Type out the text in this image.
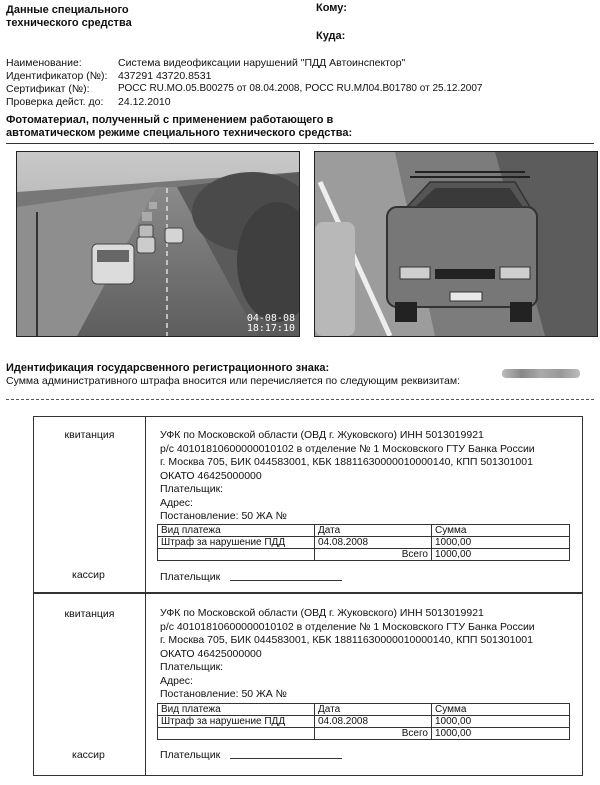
Данные специального
технического средства
Кому:
Куда:
Наименование:	Система видеофиксации нарушений "ПДД Автоинспектор"
Идентификатор (№): 437291 43720.8531
Сертификат (№):	РОСС RU.MO.05.B00275 от 08.04.2008, РОСС RU.МЛ04.B01780 от 25.12.2007
Проверка дейст. до: 24.12.2010
Фотоматериал, полученный с применением работающего в
автоматическом режиме специального технического средства:
04-08-08
18:17:10
Идентификация государсвенного регистрационного знака:
Сумма административного штрафа вносится или перечисляется по следующим реквизитам:
квитанция
кассир
УФК по Московской области (ОВД г. Жуковского) ИНН 5013019921
р/с 40101810600000010102 в отделение № 1 Московского ГТУ Банка России
г. Москва 705, БИК 044583001, КБК 18811630000010000140, КПП 501301001
ОКАТО 46425000000
Плательщик:
Адрес:
Постановление: 50 ЖА №
Вид платежа	Дата	Сумма
Штраф за нарушение ПДД	04.08.2008	1000,00
	Всего	1000,00
Плательщик
квитанция
кассир
УФК по Московской области (ОВД г. Жуковского) ИНН 5013019921
р/с 40101810600000010102 в отделение № 1 Московского ГТУ Банка России
г. Москва 705, БИК 044583001, КБК 18811630000010000140, КПП 501301001
ОКАТО 46425000000
Плательщик:
Адрес:
Постановление: 50 ЖА №
Вид платежа	Дата	Сумма
Штраф за нарушение ПДД	04.08.2008	1000,00
	Всего	1000,00
Плательщик
